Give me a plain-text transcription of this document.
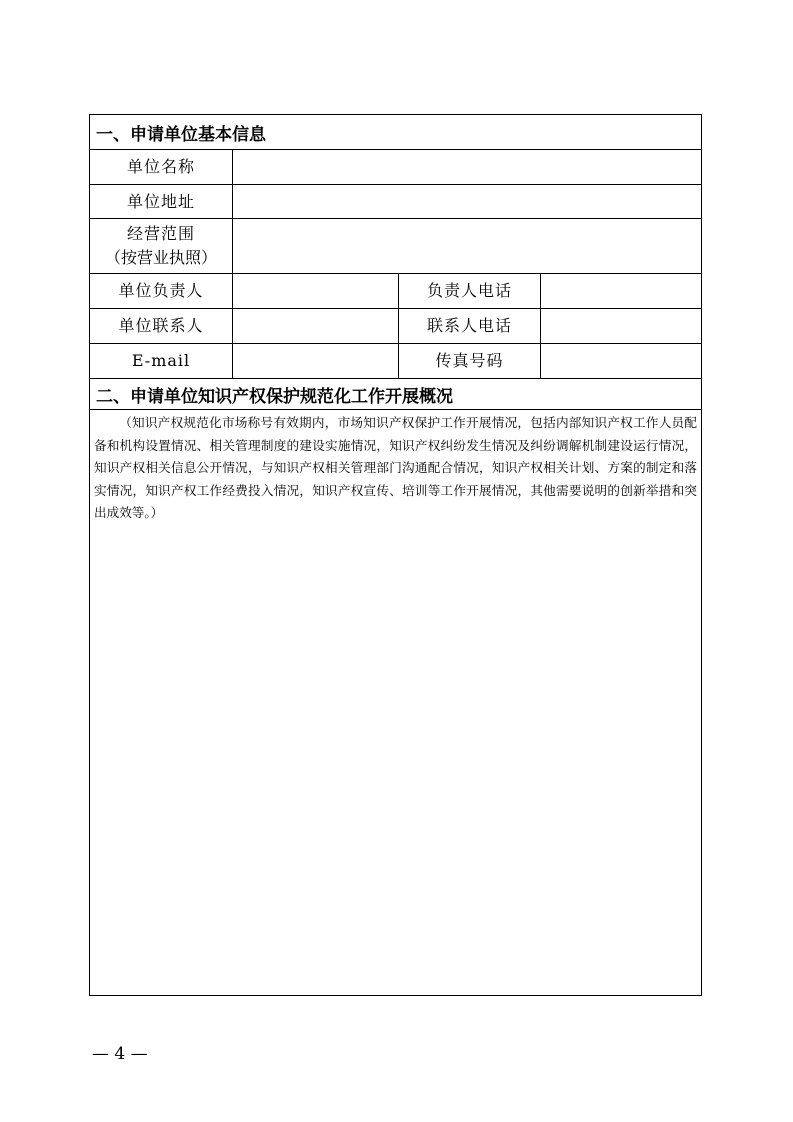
一、申请单位基本信息
单位名称
单位地址
经营范围
（按营业执照）
单位负责人	负责人电话
单位联系人	联系人电话
E-mail	传真号码
二、申请单位知识产权保护规范化工作开展概况
（知识产权规范化市场称号有效期内，市场知识产权保护工作开展情况，包括内部知识产权工作人员配备和机构设置情况、相关管理制度的建设实施情况，知识产权纠纷发生情况及纠纷调解机制建设运行情况，知识产权相关信息公开情况，与知识产权相关管理部门沟通配合情况，知识产权相关计划、方案的制定和落实情况，知识产权工作经费投入情况，知识产权宣传、培训等工作开展情况，其他需要说明的创新举措和突出成效等。）
— 4 —
